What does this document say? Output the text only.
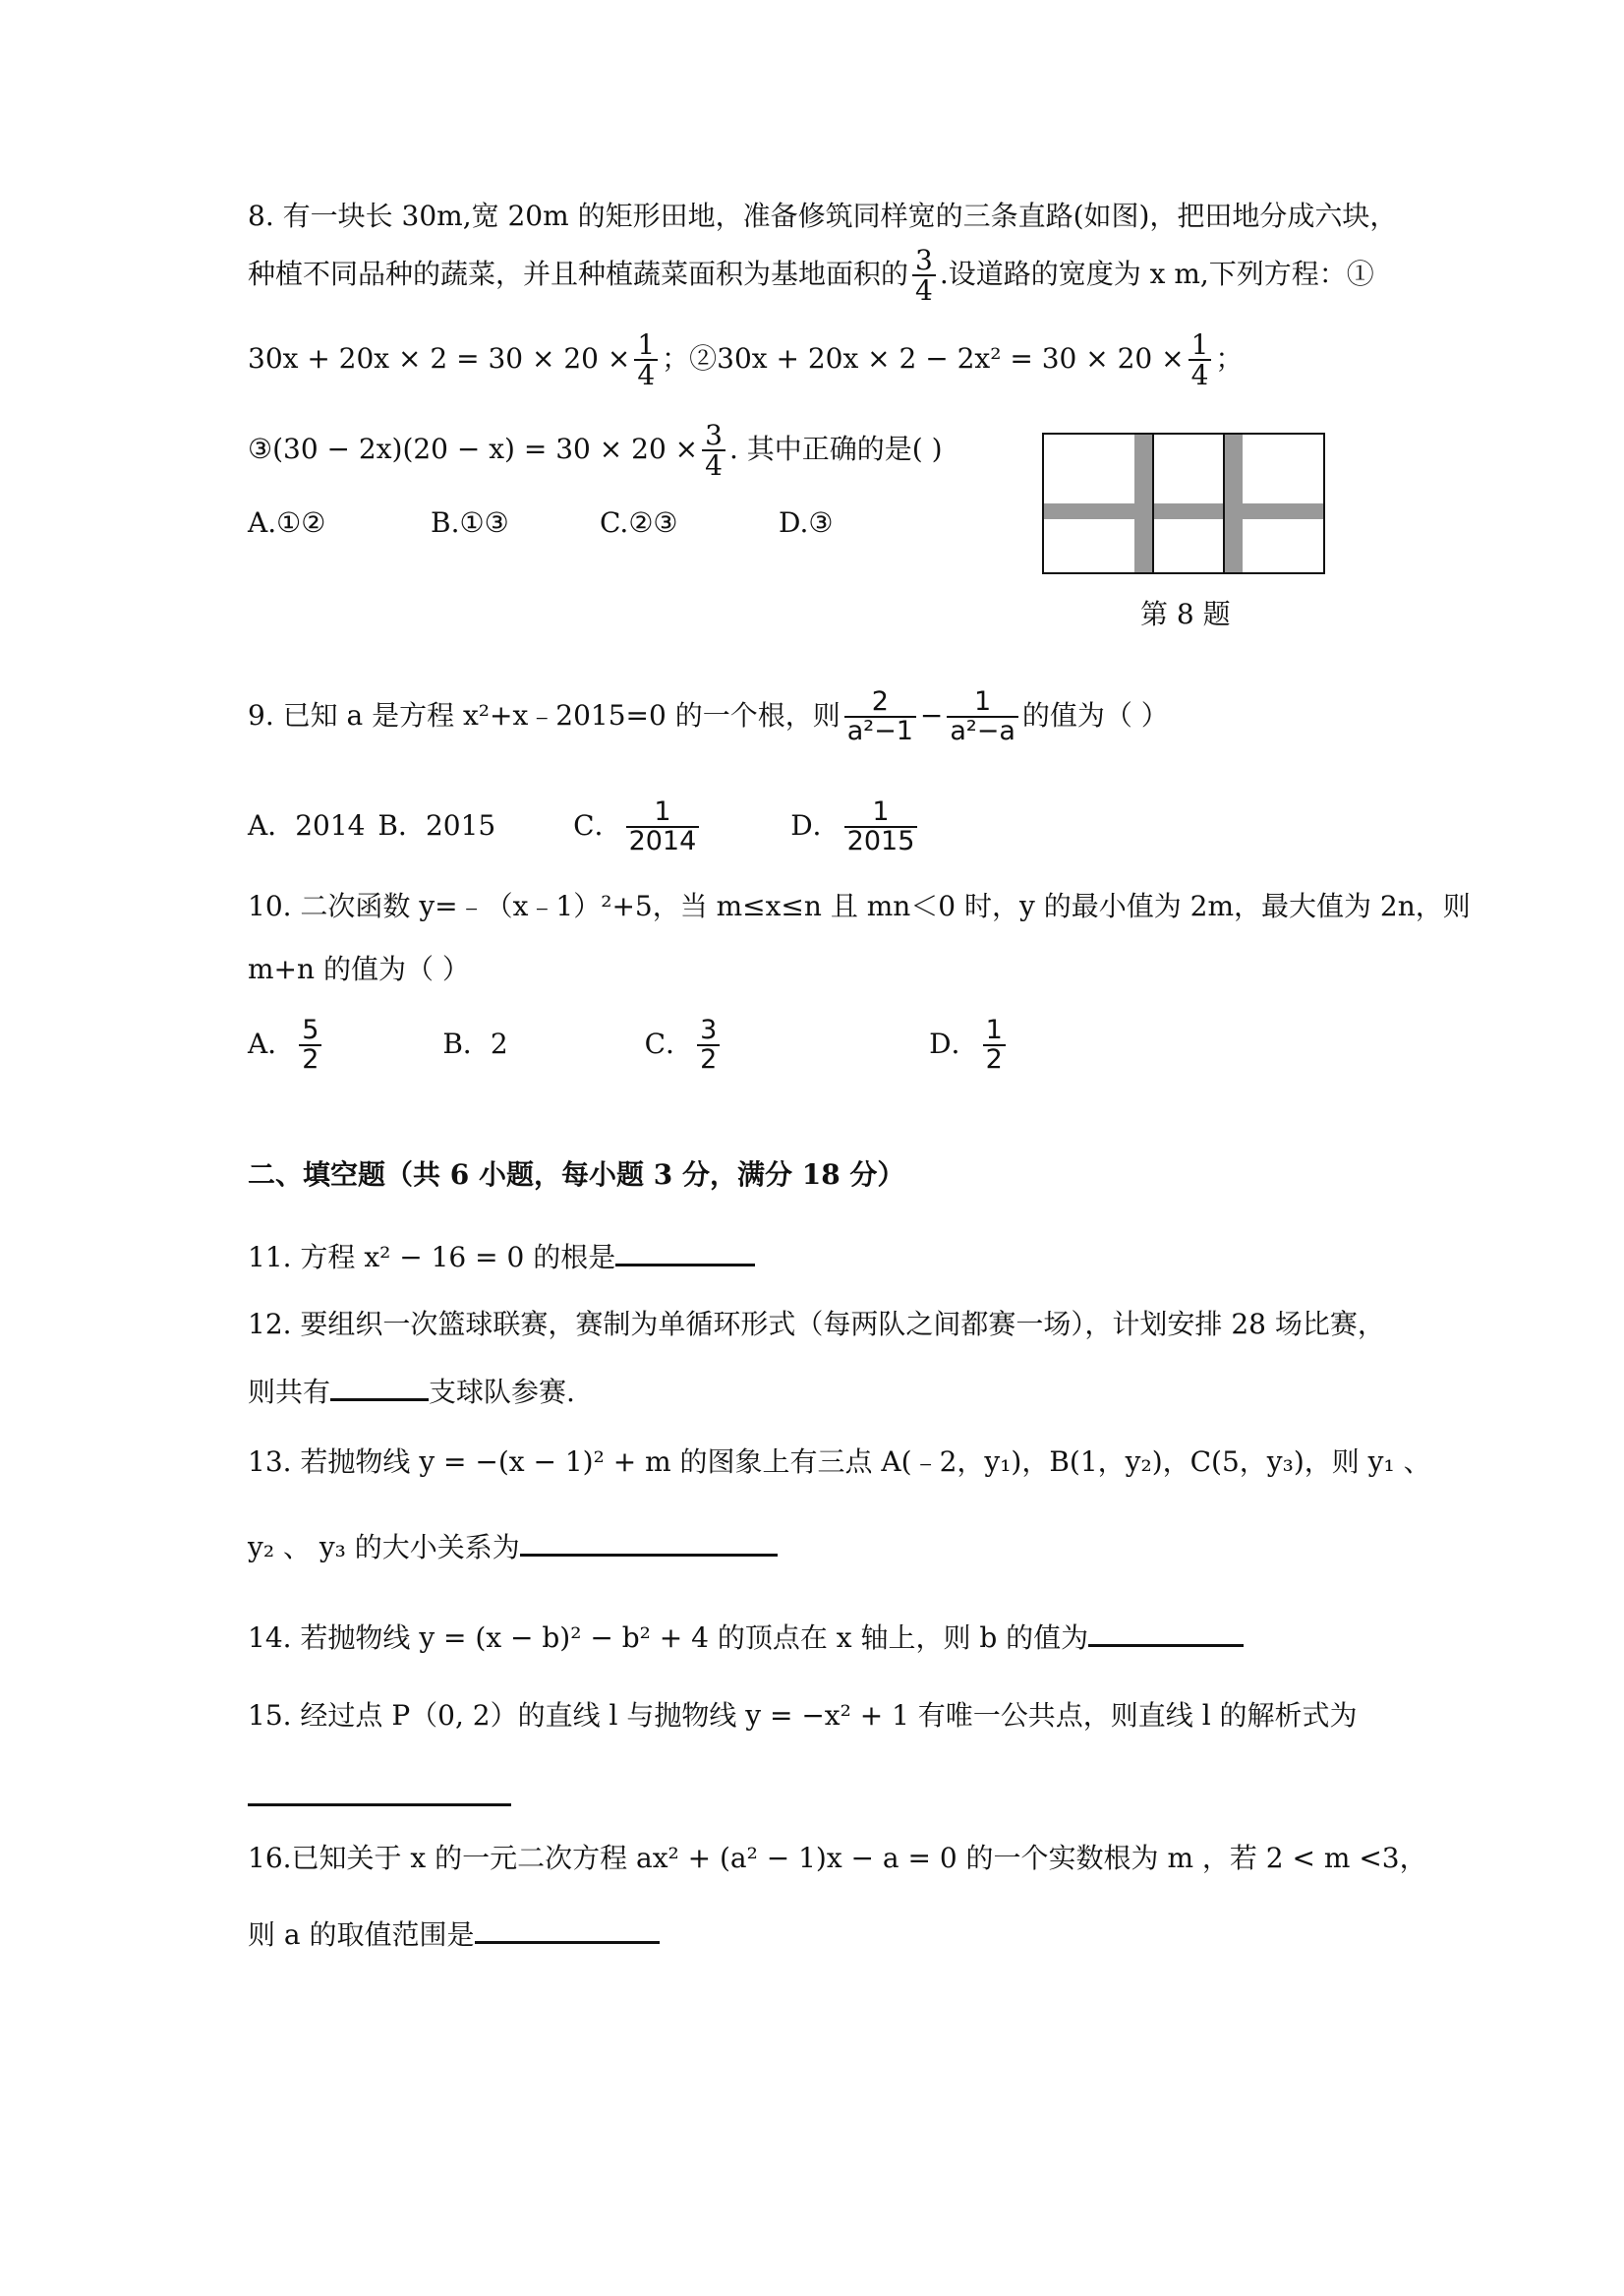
8. 有一块长 30m,宽 20m 的矩形田地，准备修筑同样宽的三条直路(如图)，把田地分成六块，
种植不同品种的蔬菜，并且种植蔬菜面积为基地面积的 $\frac{3}{4}$ .设道路的宽度为 x m,下列方程：①
$30x + 20x \times 2 = 30 \times 20 \times \frac{1}{4}$ ；②30x + $20x \times 2 - 2x^2 = 30 \times 20 \times \frac{1}{4}$ ；
③(30 − $2x)(20 - x) = 30 \times 20 \times \frac{3}{4}$ . 其中正确的是( )
A.①②	B.①③	C.②③	D.③
第 8 题
9. 已知 a 是方程 x²+x﹣2015=0 的一个根，则 $\frac{2}{\text{a²−1}} - \frac{1}{\text{a²−a}}$ 的值为（ ）
A．2014 B．2015	C． $\frac{1}{2014}$	D． $\frac{1}{2015}$
10. 二次函数 y=﹣（x﹣1）²+5，当 m≤x≤n 且 mn＜0 时，y 的最小值为 2m，最大值为 2n，则
m+n 的值为（ ）
A． $\frac{5}{2}$	B．2	C． $\frac{3}{2}$	D． $\frac{1}{2}$
二、填空题（共 6 小题，每小题 3 分，满分 18 分）
11. 方程 x² − 16 = 0 的根是
12. 要组织一次篮球联赛，赛制为单循环形式（每两队之间都赛一场），计划安排 28 场比赛，
则共有	支球队参赛.
13. 若抛物线 y = −(x − 1)² + m 的图象上有三点 A(﹣2，y₁)，B(1，y₂)，C(5，y₃)，则 y₁ 、
y₂ 、 y₃ 的大小关系为
14. 若抛物线 y = (x − b)² − b² + 4 的顶点在 x 轴上，则 b 的值为
15. 经过点 P（0, 2）的直线 l 与抛物线 y = −x² + 1 有唯一公共点，则直线 l 的解析式为
16.已知关于 x 的一元二次方程 ax² + (a² − 1)x − a = 0 的一个实数根为 m ，若 2 < m <3，
则 a 的取值范围是
